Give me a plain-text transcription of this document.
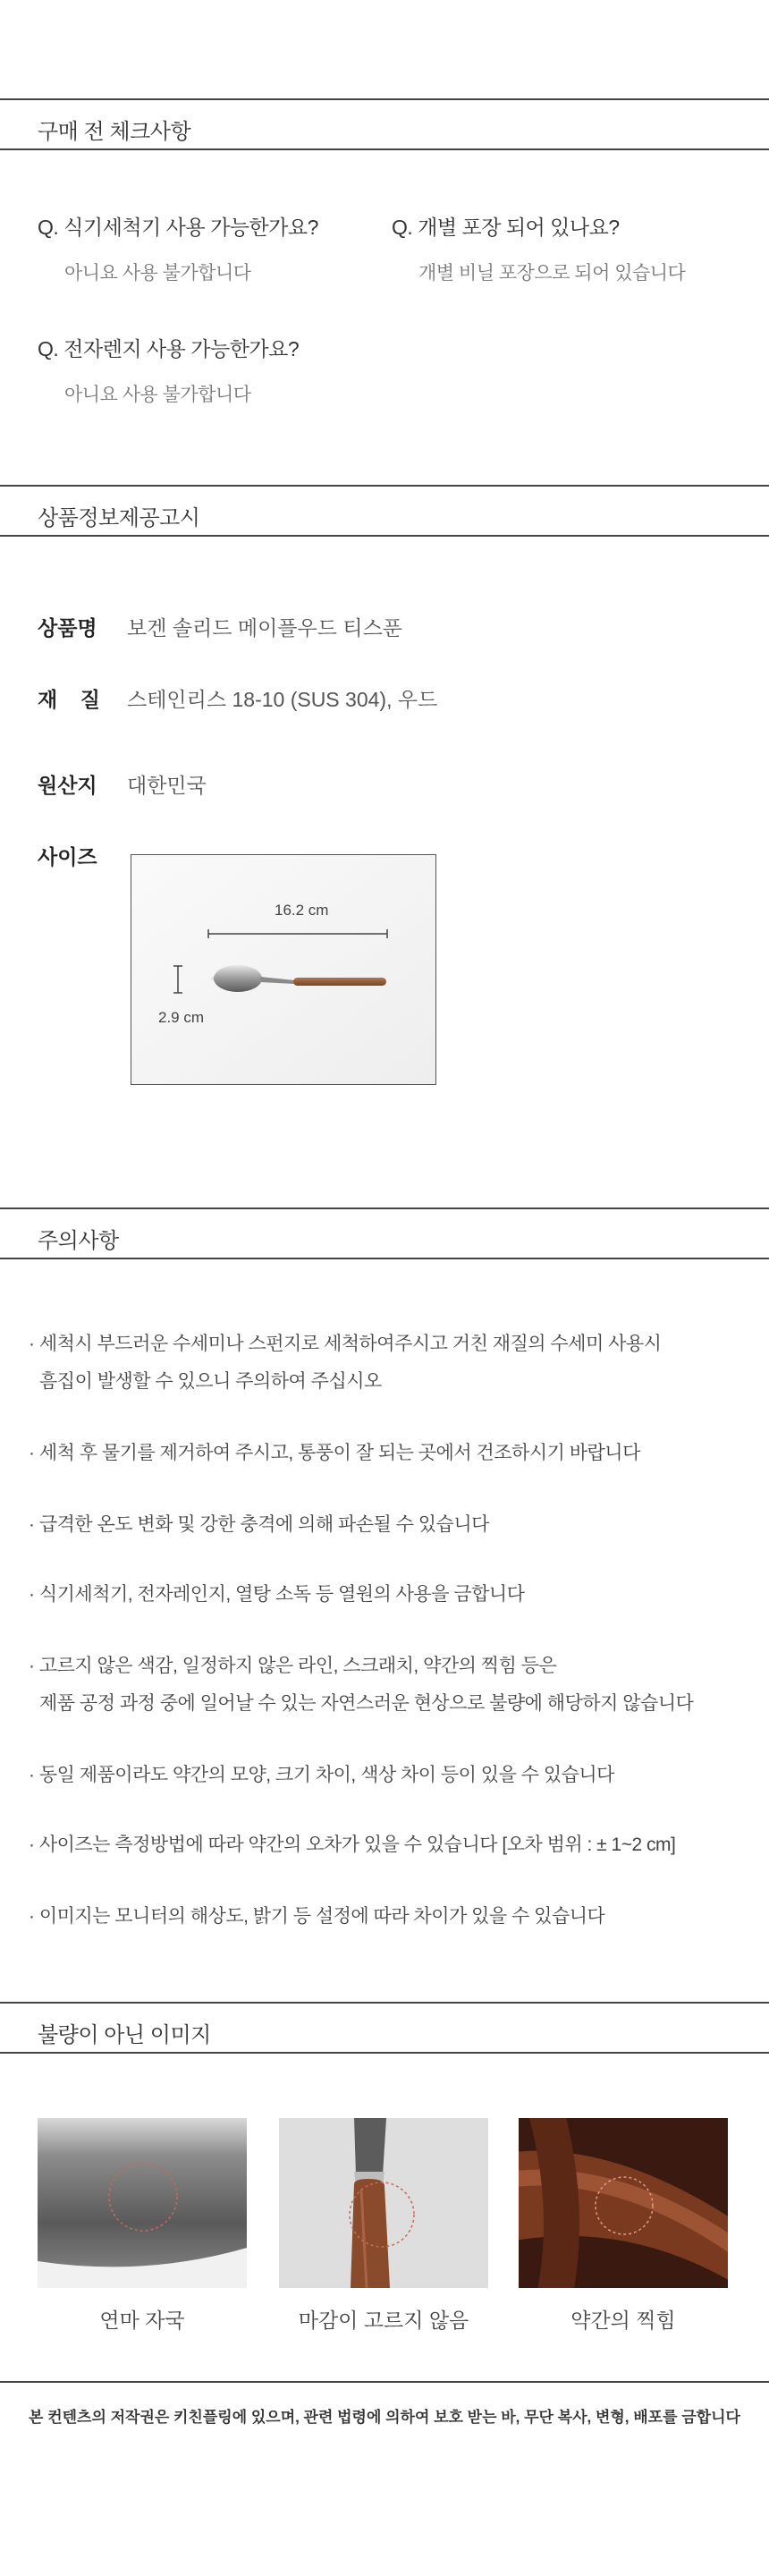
구매 전 체크사항
Q. 식기세척기 사용 가능한가요?
아니요 사용 불가합니다
Q. 개별 포장 되어 있나요?
개별 비닐 포장으로 되어 있습니다
Q. 전자렌지 사용 가능한가요?
아니요 사용 불가합니다
상품정보제공고시
상품명	보겐 솔리드 메이플우드 티스푼
재    질	스테인리스 18-10 (SUS 304), 우드
원산지	대한민국
사이즈
16.2 cm
2.9 cm
주의사항
· 세척시 부드러운 수세미나 스펀지로 세척하여주시고 거친 재질의 수세미 사용시
흠집이 발생할 수 있으니 주의하여 주십시오
· 세척 후 물기를 제거하여 주시고, 통풍이 잘 되는 곳에서 건조하시기 바랍니다
· 급격한 온도 변화 및 강한 충격에 의해 파손될 수 있습니다
· 식기세척기, 전자레인지, 열탕 소독 등 열원의 사용을 금합니다
· 고르지 않은 색감, 일정하지 않은 라인, 스크래치, 약간의 찍힘 등은
제품 공정 과정 중에 일어날 수 있는 자연스러운 현상으로 불량에 해당하지 않습니다
· 동일 제품이라도 약간의 모양, 크기 차이, 색상 차이 등이 있을 수 있습니다
· 사이즈는 측정방법에 따라 약간의 오차가 있을 수 있습니다 [오차 범위 : ± 1~2 cm]
· 이미지는 모니터의 해상도, 밝기 등 설정에 따라 차이가 있을 수 있습니다
불량이 아닌 이미지
연마 자국	마감이 고르지 않음	약간의 찍힘
본 컨텐츠의 저작권은 키친플링에 있으며, 관련 법령에 의하여 보호 받는 바, 무단 복사, 변형, 배포를 금합니다
